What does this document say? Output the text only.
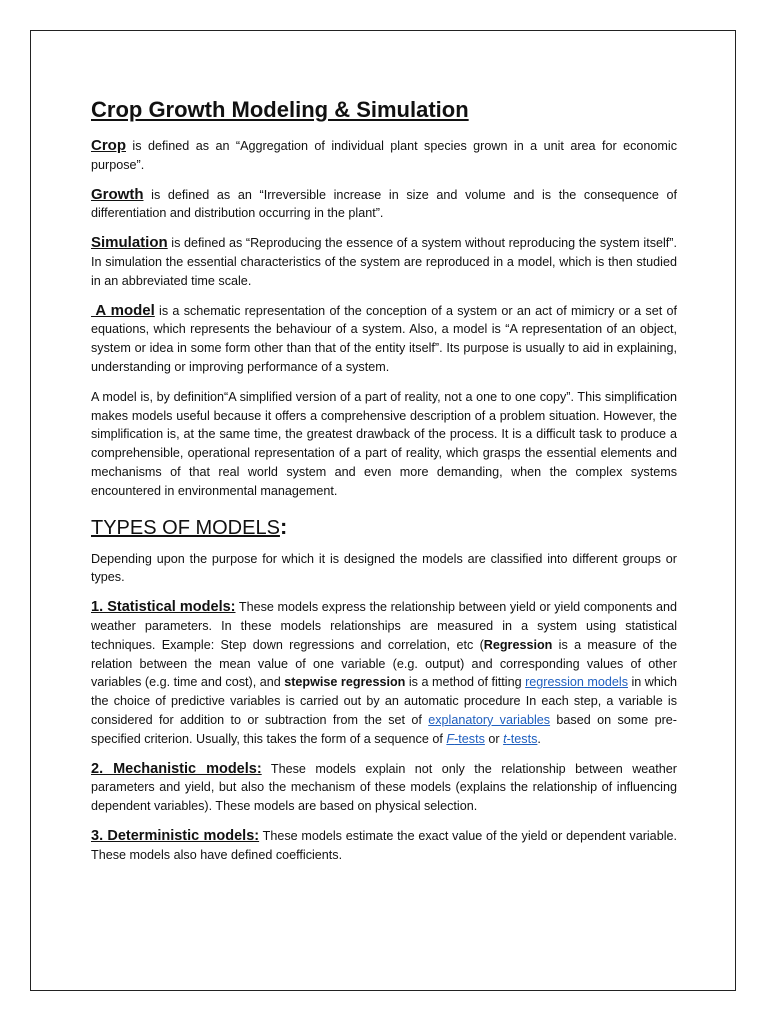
Crop Growth Modeling & Simulation

Crop is defined as an “Aggregation of individual plant species grown in a unit area for economic purpose”.

Growth is defined as an “Irreversible increase in size and volume and is the consequence of differentiation and distribution occurring in the plant”.

Simulation is defined as “Reproducing the essence of a system without reproducing the system itself”. In simulation the essential characteristics of the system are reproduced in a model, which is then studied in an abbreviated time scale.

A model is a schematic representation of the conception of a system or an act of mimicry or a set of equations, which represents the behaviour of a system. Also, a model is “A representation of an object, system or idea in some form other than that of the entity itself”. Its purpose is usually to aid in explaining, understanding or improving performance of a system.

A model is, by definition“A simplified version of a part of reality, not a one to one copy”. This simplification makes models useful because it offers a comprehensive description of a problem situation. However, the simplification is, at the same time, the greatest drawback of the process. It is a difficult task to produce a comprehensible, operational representation of a part of reality, which grasps the essential elements and mechanisms of that real world system and even more demanding, when the complex systems encountered in environmental management.

TYPES OF MODELS:

Depending upon the purpose for which it is designed the models are classified into different groups or types.

1. Statistical models: These models express the relationship between yield or yield components and weather parameters. In these models relationships are measured in a system using statistical techniques. Example: Step down regressions and correlation, etc (Regression is a measure of the relation between the mean value of one variable (e.g. output) and corresponding values of other variables (e.g. time and cost), and stepwise regression is a method of fitting regression models in which the choice of predictive variables is carried out by an automatic procedure In each step, a variable is considered for addition to or subtraction from the set of explanatory variables based on some pre-specified criterion. Usually, this takes the form of a sequence of F-tests or t-tests.

2. Mechanistic models: These models explain not only the relationship between weather parameters and yield, but also the mechanism of these models (explains the relationship of influencing dependent variables). These models are based on physical selection.

3. Deterministic models: These models estimate the exact value of the yield or dependent variable. These models also have defined coefficients.
